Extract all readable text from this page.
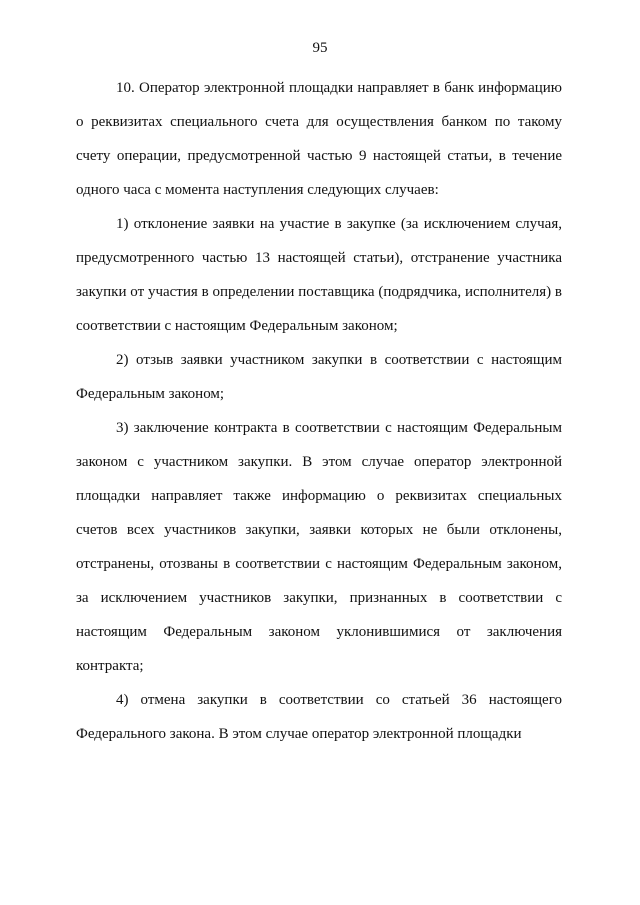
95

10. Оператор электронной площадки направляет в банк информацию о реквизитах специального счета для осуществления банком по такому счету операции, предусмотренной частью 9 настоящей статьи, в течение одного часа с момента наступления следующих случаев:

1) отклонение заявки на участие в закупке (за исключением случая, предусмотренного частью 13 настоящей статьи), отстранение участника закупки от участия в определении поставщика (подрядчика, исполнителя) в соответствии с настоящим Федеральным законом;

2) отзыв заявки участником закупки в соответствии с настоящим Федеральным законом;

3) заключение контракта в соответствии с настоящим Федеральным законом с участником закупки. В этом случае оператор электронной площадки направляет также информацию о реквизитах специальных счетов всех участников закупки, заявки которых не были отклонены, отстранены, отозваны в соответствии с настоящим Федеральным законом, за исключением участников закупки, признанных в соответствии с настоящим Федеральным законом уклонившимися от заключения контракта;

4) отмена закупки в соответствии со статьей 36 настоящего Федерального закона. В этом случае оператор электронной площадки
